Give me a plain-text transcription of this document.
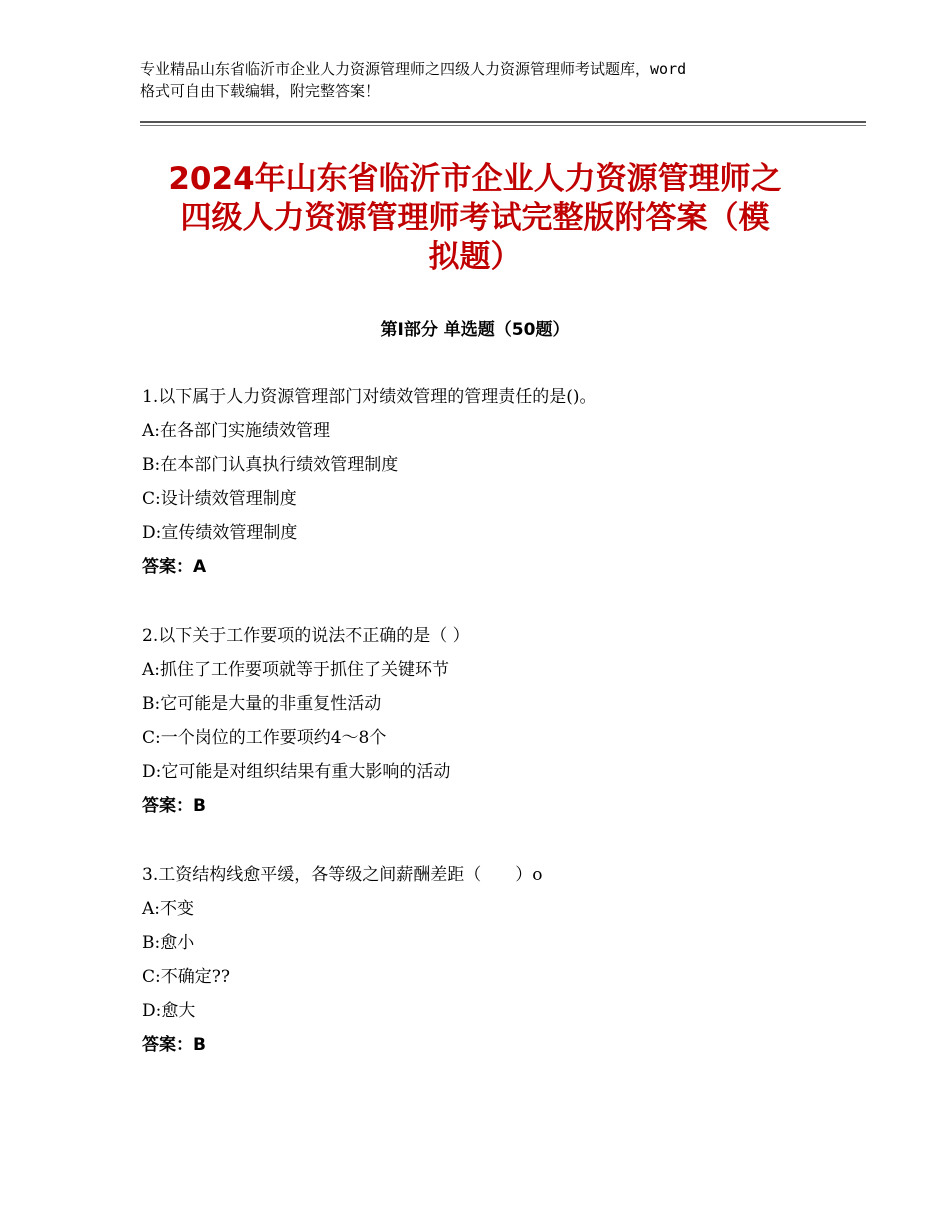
专业精品山东省临沂市企业人力资源管理师之四级人力资源管理师考试题库，word
格式可自由下载编辑，附完整答案！
2024年山东省临沂市企业人力资源管理师之
四级人力资源管理师考试完整版附答案（模
拟题）
第Ⅰ部分 单选题（50题）
1.以下属于人力资源管理部门对绩效管理的管理责任的是()。
A:在各部门实施绩效管理
B:在本部门认真执行绩效管理制度
C:设计绩效管理制度
D:宣传绩效管理制度
答案：A
2.以下关于工作要项的说法不正确的是（ ）
A:抓住了工作要项就等于抓住了关键环节
B:它可能是大量的非重复性活动
C:一个岗位的工作要项约4～8个
D:它可能是对组织结果有重大影响的活动
答案：B
3.工资结构线愈平缓，各等级之间薪酬差距（　　）o
A:不变
B:愈小
C:不确定??
D:愈大
答案：B
